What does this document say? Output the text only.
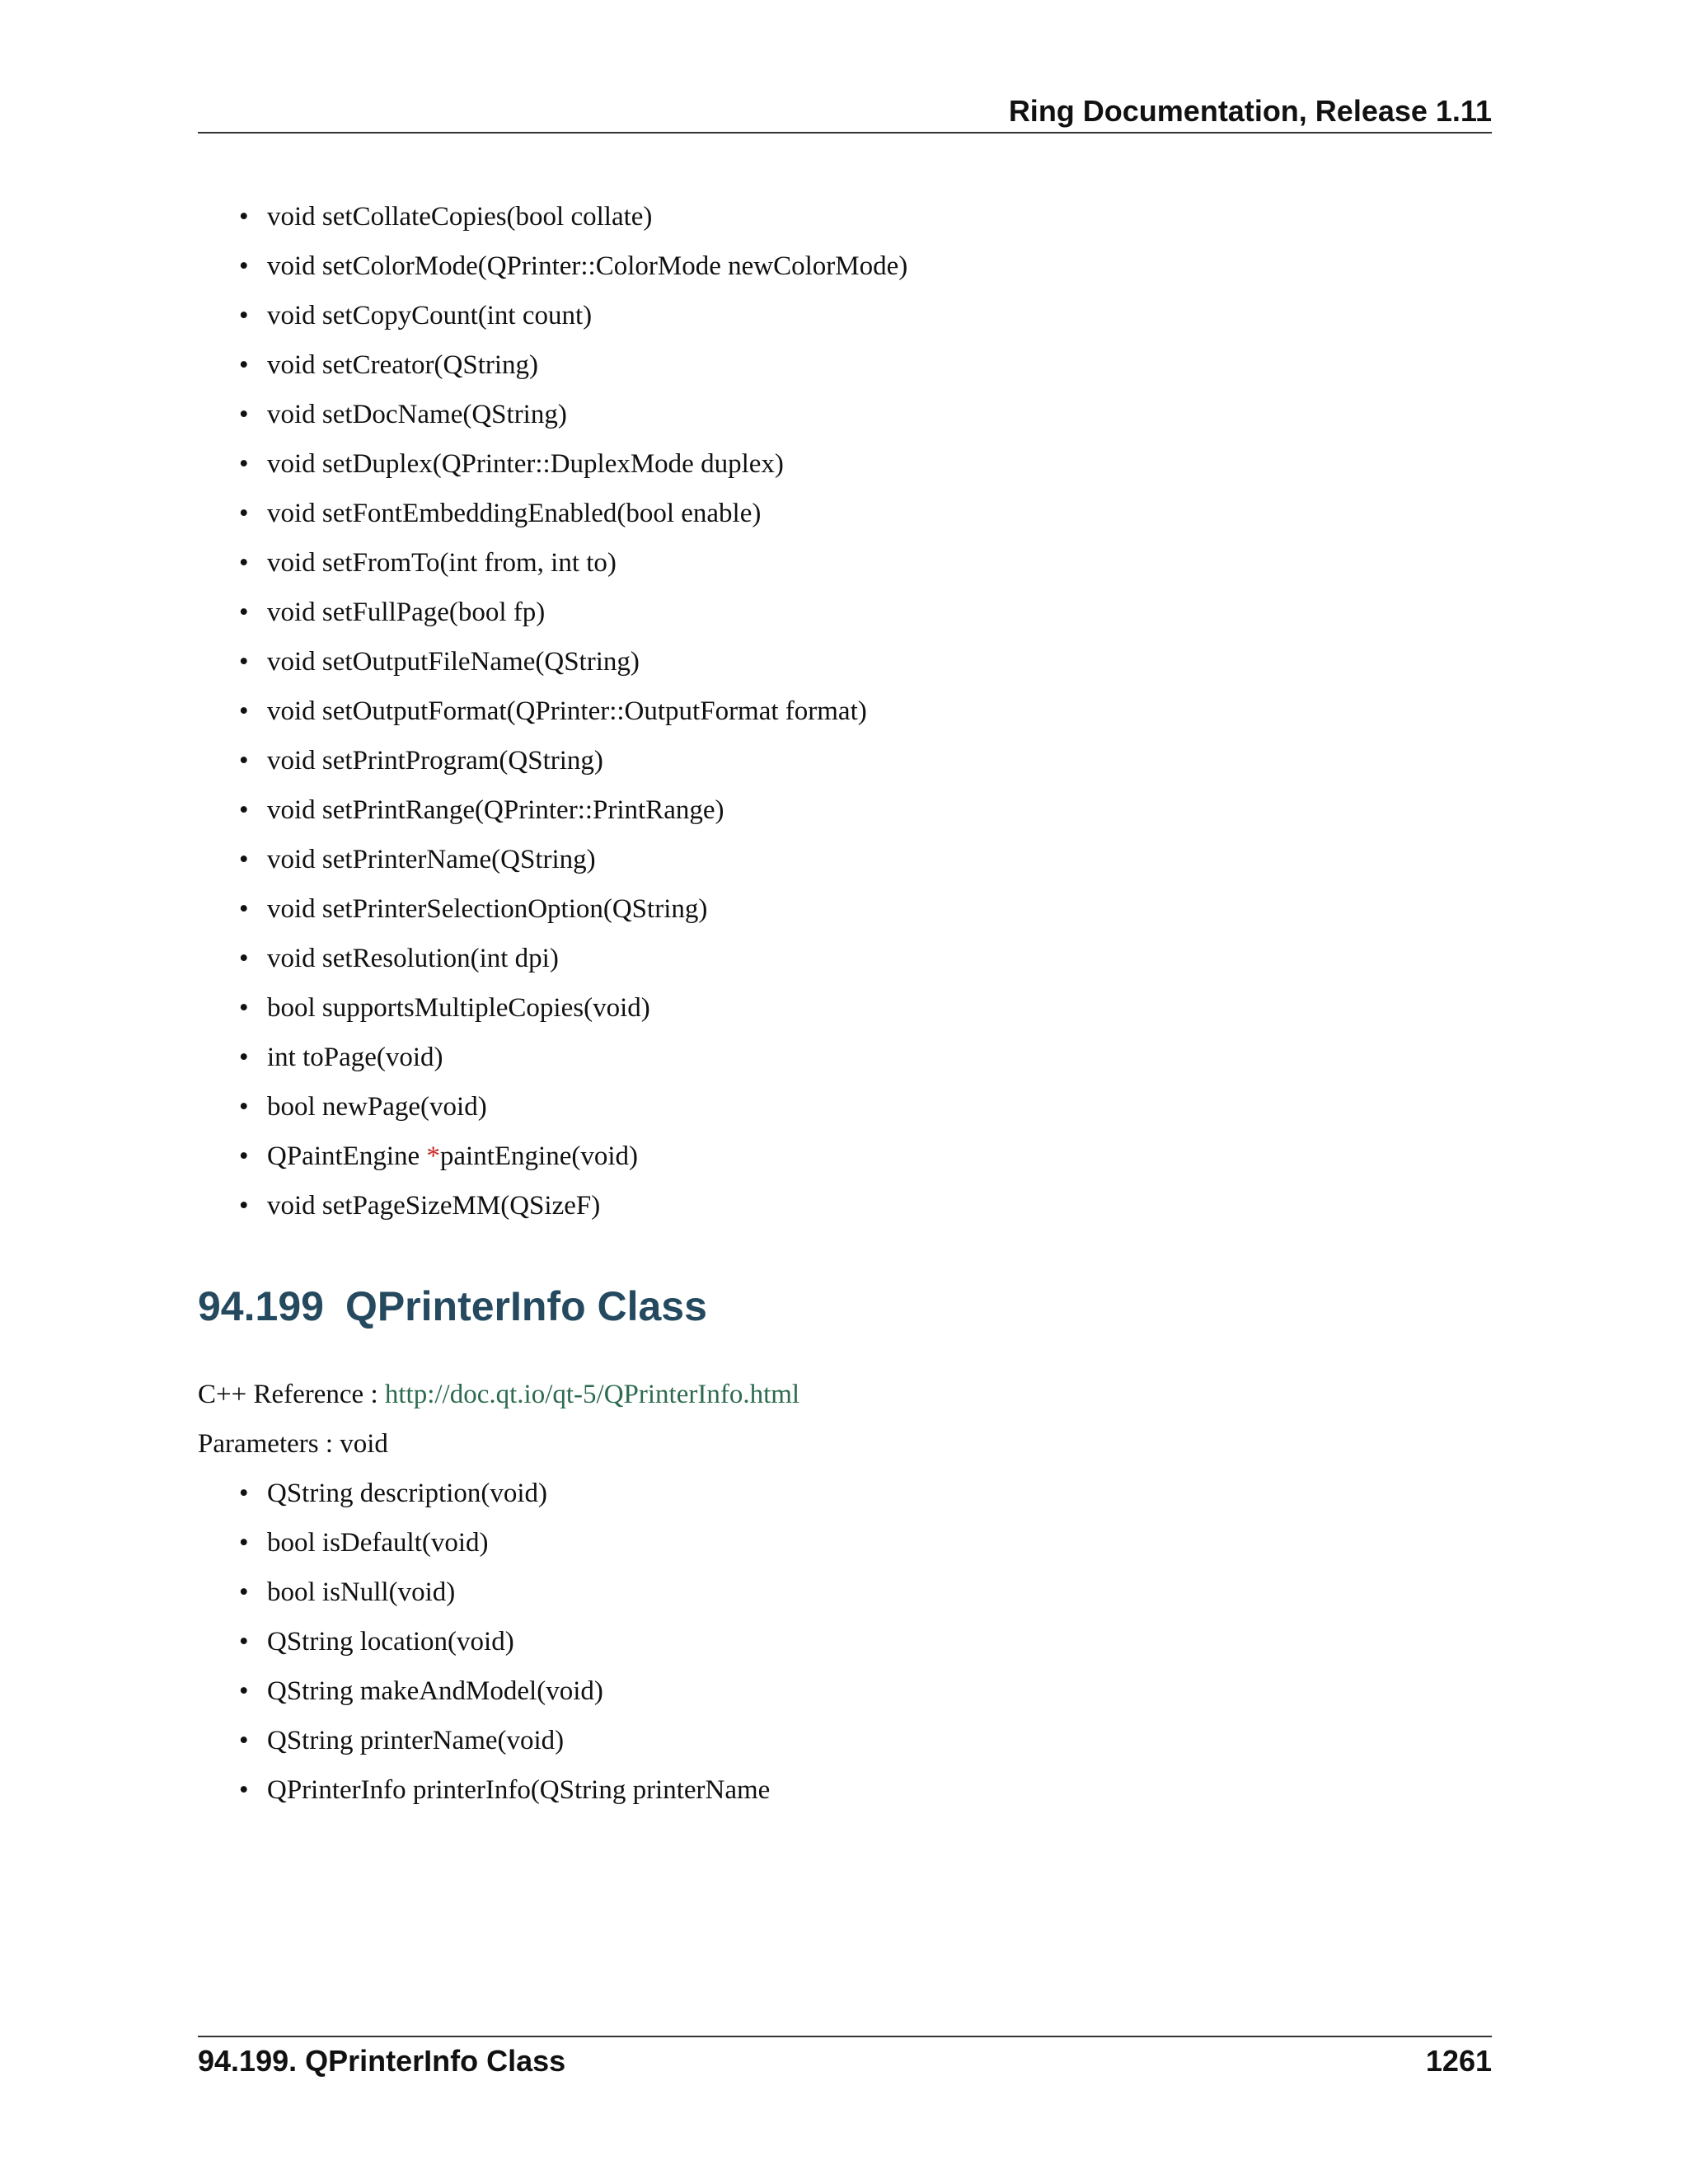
Ring Documentation, Release 1.11
• void setCollateCopies(bool collate)
• void setColorMode(QPrinter::ColorMode newColorMode)
• void setCopyCount(int count)
• void setCreator(QString)
• void setDocName(QString)
• void setDuplex(QPrinter::DuplexMode duplex)
• void setFontEmbeddingEnabled(bool enable)
• void setFromTo(int from, int to)
• void setFullPage(bool fp)
• void setOutputFileName(QString)
• void setOutputFormat(QPrinter::OutputFormat format)
• void setPrintProgram(QString)
• void setPrintRange(QPrinter::PrintRange)
• void setPrinterName(QString)
• void setPrinterSelectionOption(QString)
• void setResolution(int dpi)
• bool supportsMultipleCopies(void)
• int toPage(void)
• bool newPage(void)
• QPaintEngine *paintEngine(void)
• void setPageSizeMM(QSizeF)
94.199 QPrinterInfo Class
C++ Reference : http://doc.qt.io/qt-5/QPrinterInfo.html
Parameters : void
• QString description(void)
• bool isDefault(void)
• bool isNull(void)
• QString location(void)
• QString makeAndModel(void)
• QString printerName(void)
• QPrinterInfo printerInfo(QString printerName
94.199. QPrinterInfo Class	1261
